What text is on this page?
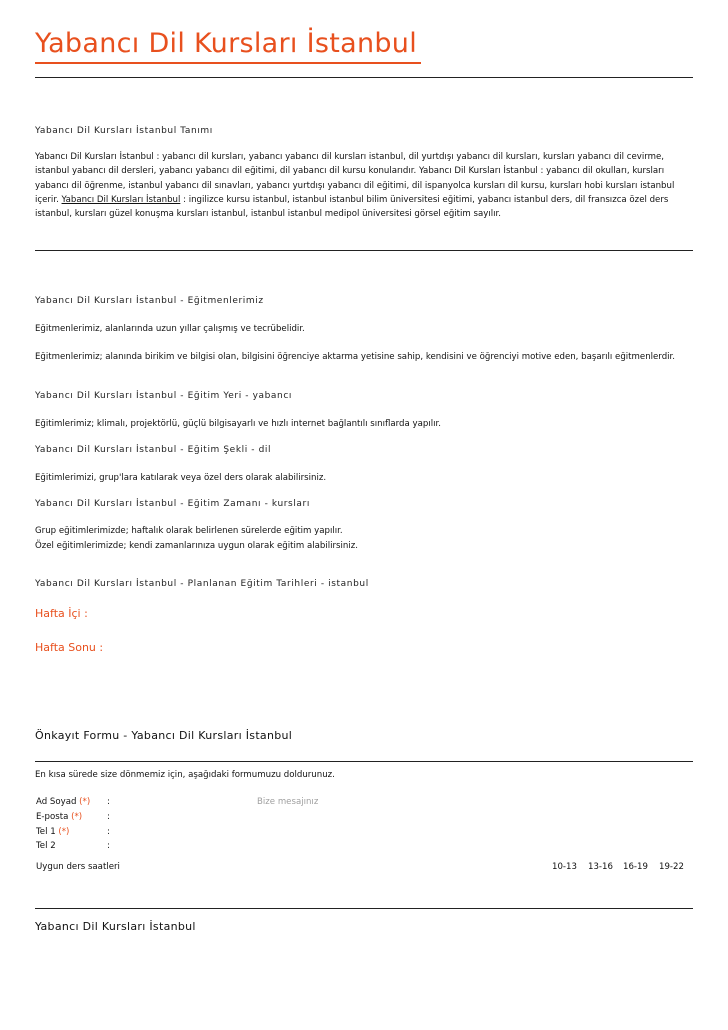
Yabancı Dil Kursları İstanbul
Yabancı Dil Kursları İstanbul Tanımı
Yabancı Dil Kursları İstanbul : yabancı dil kursları, yabancı yabancı dil kursları istanbul, dil yurtdışı yabancı dil kursları, kursları yabancı dil cevirme, istanbul yabancı dil dersleri, yabancı yabancı dil eğitimi, dil yabancı dil kursu konularıdır. Yabancı Dil Kursları İstanbul : yabancı dil okulları, kursları yabancı dil öğrenme, istanbul yabancı dil sınavları, yabancı yurtdışı yabancı dil eğitimi, dil ispanyolca kursları dil kursu, kursları hobi kursları istanbul içerir. Yabancı Dil Kursları İstanbul : ingilizce kursu istanbul, istanbul istanbul bilim üniversitesi eğitimi, yabancı istanbul ders, dil fransızca özel ders istanbul, kursları güzel konuşma kursları istanbul, istanbul istanbul medipol üniversitesi görsel eğitim sayılır.
Yabancı Dil Kursları İstanbul - Eğitmenlerimiz
Eğitmenlerimiz, alanlarında uzun yıllar çalışmış ve tecrübelidir.
Eğitmenlerimiz; alanında birikim ve bilgisi olan, bilgisini öğrenciye aktarma yetisine sahip, kendisini ve öğrenciyi motive eden, başarılı eğitmenlerdir.
Yabancı Dil Kursları İstanbul - Eğitim Yeri - yabancı
Eğitimlerimiz; klimalı, projektörlü, güçlü bilgisayarlı ve hızlı internet bağlantılı sınıflarda yapılır.
Yabancı Dil Kursları İstanbul - Eğitim Şekli - dil
Eğitimlerimizi, grup'lara katılarak veya özel ders olarak alabilirsiniz.
Yabancı Dil Kursları İstanbul - Eğitim Zamanı - kursları
Grup eğitimlerimizde; haftalık olarak belirlenen sürelerde eğitim yapılır.
Özel eğitimlerimizde; kendi zamanlarınıza uygun olarak eğitim alabilirsiniz.
Yabancı Dil Kursları İstanbul - Planlanan Eğitim Tarihleri - istanbul
Hafta İçi :
Hafta Sonu :
Önkayıt Formu - Yabancı Dil Kursları İstanbul
En kısa sürede size dönmemiz için, aşağıdaki formumuzu doldurunuz.
Ad Soyad (*) :
E-posta (*)	:
Tel 1 (*)	:
Tel 2	:
Bize mesajınız
Uygun ders saatleri	10-13 13-16 16-19 19-22
Yabancı Dil Kursları İstanbul
